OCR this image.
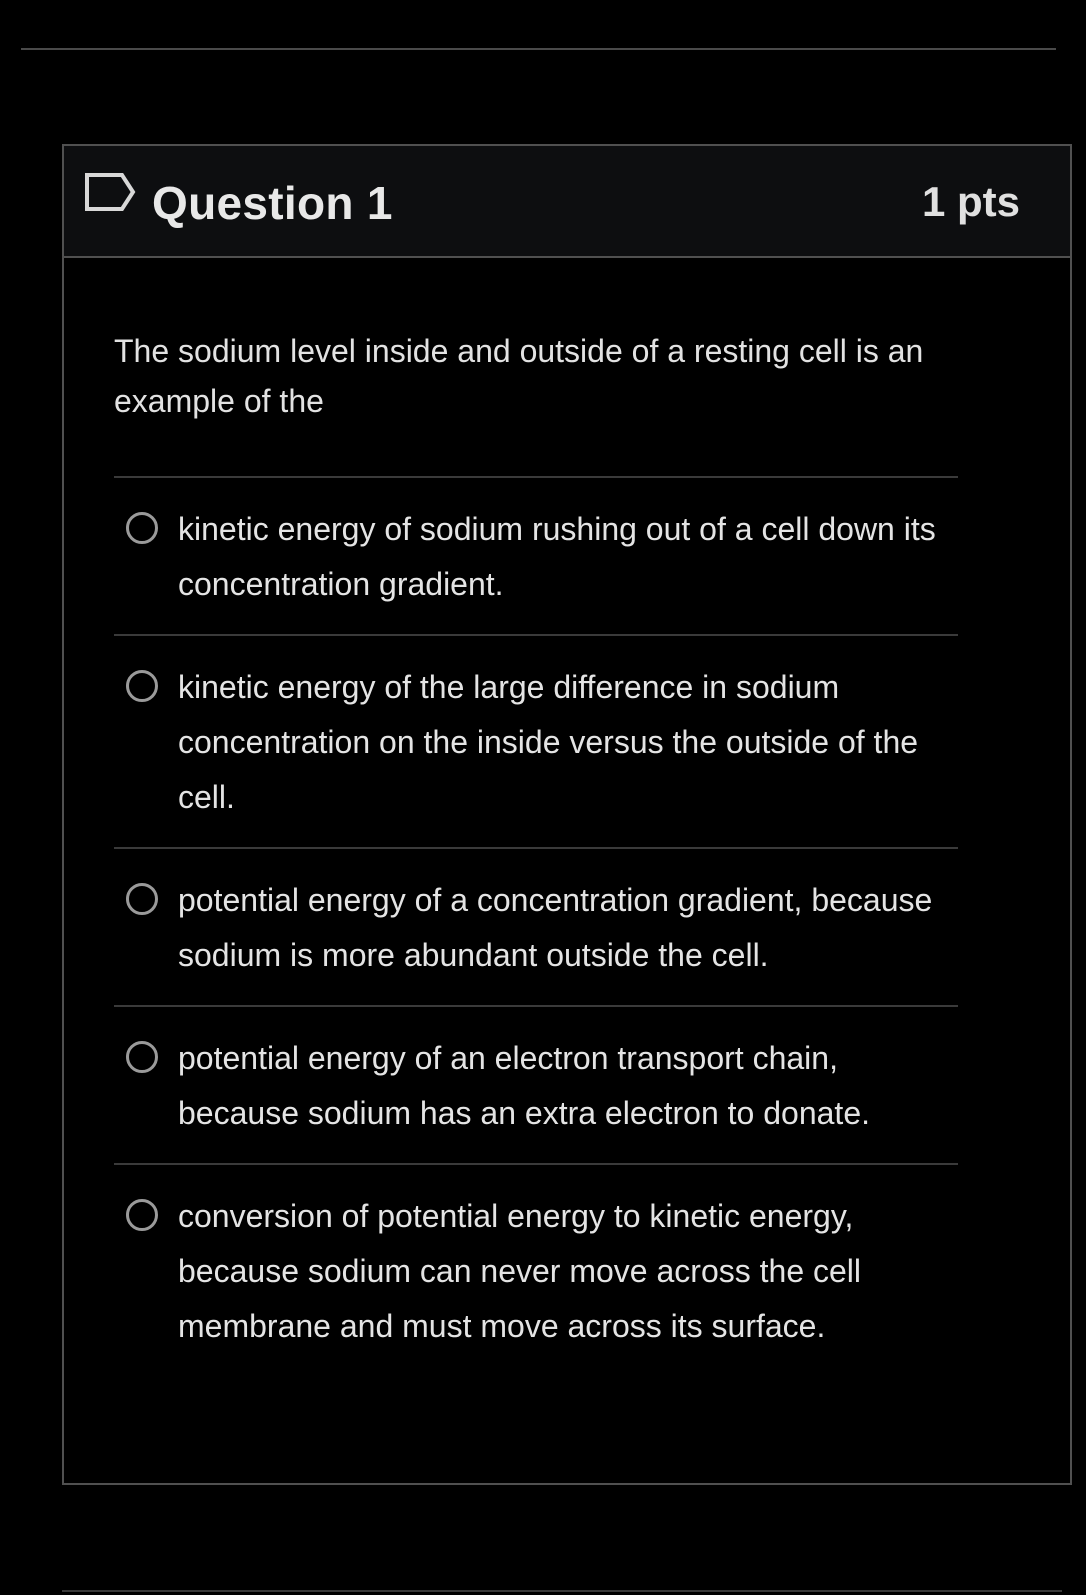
Question 1	1 pts
The sodium level inside and outside of a resting cell is an example of the
kinetic energy of sodium rushing out of a cell down its concentration gradient.
kinetic energy of the large difference in sodium concentration on the inside versus the outside of the cell.
potential energy of a concentration gradient, because sodium is more abundant outside the cell.
potential energy of an electron transport chain, because sodium has an extra electron to donate.
conversion of potential energy to kinetic energy, because sodium can never move across the cell membrane and must move across its surface.
